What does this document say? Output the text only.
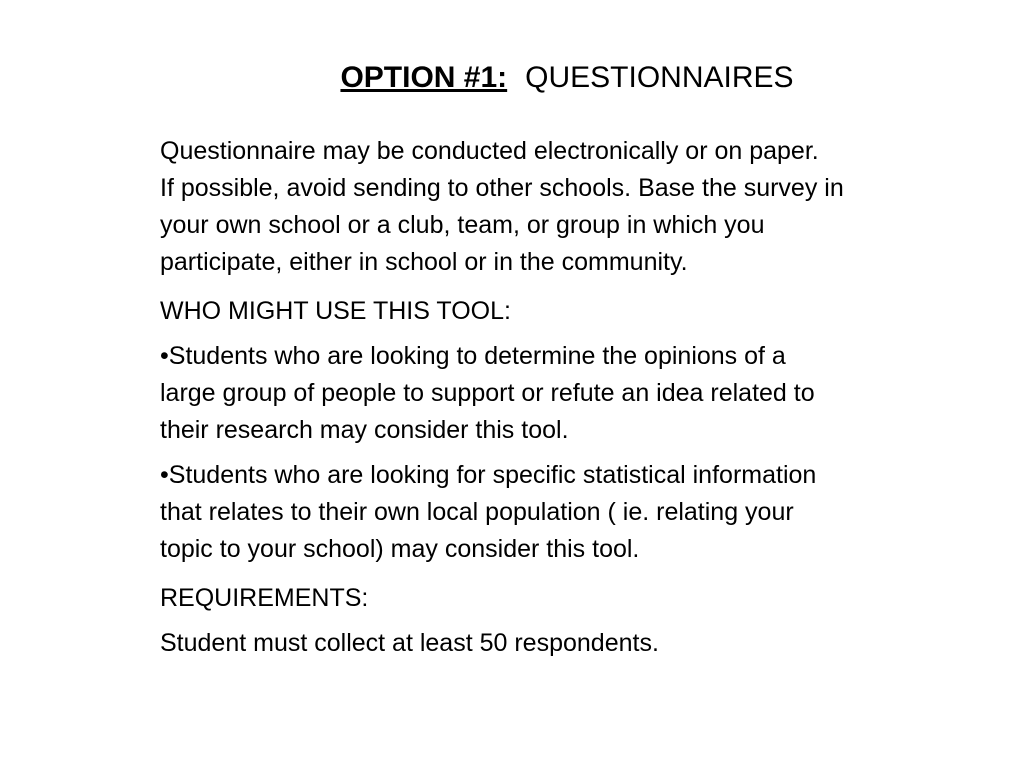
OPTION #1: QUESTIONNAIRES

Questionnaire may be conducted electronically or on paper.
If possible, avoid sending to other schools. Base the survey in
your own school or a club, team, or group in which you
participate, either in school or in the community.

WHO MIGHT USE THIS TOOL:

•Students who are looking to determine the opinions of a
large group of people to support or refute an idea related to
their research may consider this tool.

•Students who are looking for specific statistical information
that relates to their own local population ( ie. relating your
topic to your school) may consider this tool.

REQUIREMENTS:

Student must collect at least 50 respondents.
